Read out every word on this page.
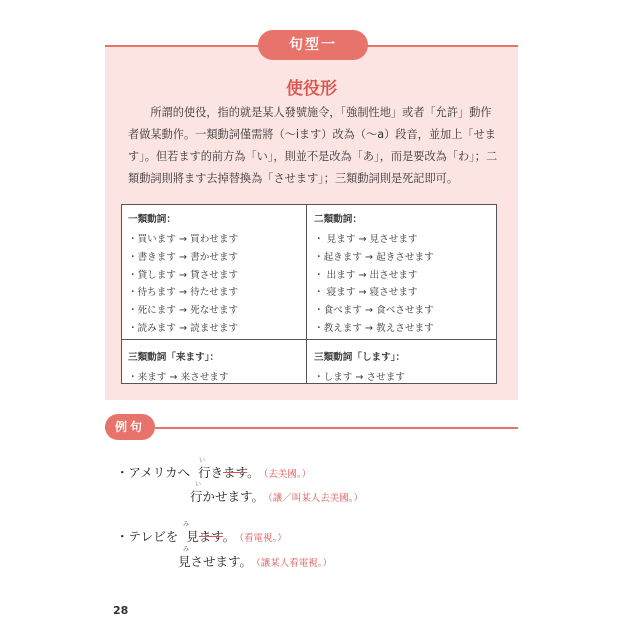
句型一
使役形

所謂的使役，指的就是某人發號施令，「強制性地」或者「允許」動作者做某動作。一類動詞僅需將（～iます）改為（～a）段音，並加上「せます」。但若ます的前方為「い」，則並不是改為「あ」，而是要改為「わ」；二類動詞則將ます去掉替換為「させます」；三類動詞則是死記即可。

一類動詞：
・買います → 買わせます
・書きます → 書かせます
・貸します → 貸させます
・待ちます → 待たせます
・死にます → 死なせます
・読みます → 読ませます
二類動詞：
・ 見ます → 見させます
・起きます → 起きさせます
・ 出ます → 出させます
・ 寝ます → 寝させます
・食べます → 食べさせます
・教えます → 教えさせます
三類動詞「来ます」：
・来ます → 来させます
三類動詞「します」：
・します → させます
例句
い
・アメリカへ 行きます。 （去美國。）
い
行かせます。 （讓／叫某人去美國。）
み
・テレビを 見ます。 （看電視。）
み
見させます。 （讓某人看電視。）
28
